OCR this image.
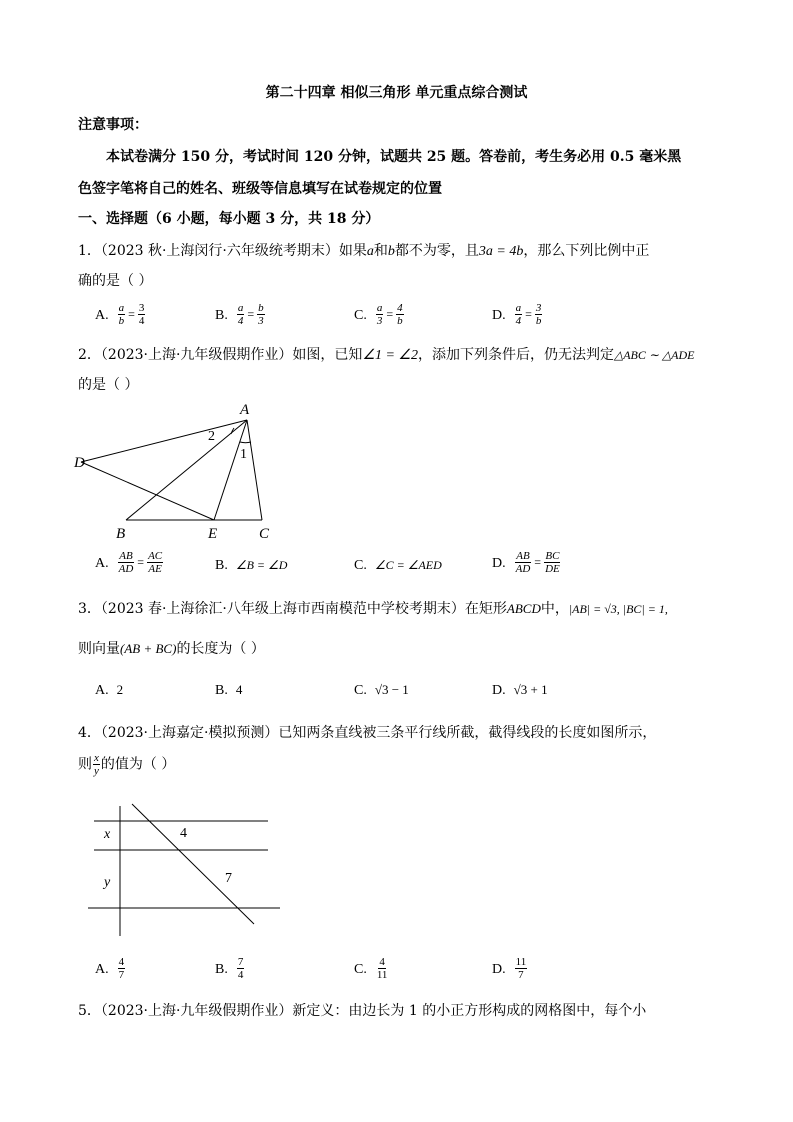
第二十四章 相似三角形 单元重点综合测试
注意事项：
本试卷满分 150 分，考试时间 120 分钟，试题共 25 题。答卷前，考生务必用 0.5 毫米黑
色签字笔将自己的姓名、班级等信息填写在试卷规定的位置
一、选择题（6 小题，每小题 3 分，共 18 分）
1．（2023 秋·上海闵行·六年级统考期末）如果a和b都不为零，且3a = 4b，那么下列比例中正
确的是（ ）
A. $\frac{a}{b} = \frac{3}{4}$	B. $\frac{a}{4} = \frac{b}{3}$	C. $\frac{a}{3} = \frac{4}{b}$	D. $\frac{a}{4} = \frac{3}{b}$
2．（2023·上海·九年级假期作业）如图，已知∠1 = ∠2，添加下列条件后，仍无法判定△ABC ∼ △ADE
的是（ ）
A
2
1
D
B	E	C
A. $\frac{AB}{AD} = \frac{AC}{AE}$	B. ∠B = ∠D	C. ∠C = ∠AED	D. $\frac{AB}{AD} = \frac{BC}{DE}$
3．（2023 春·上海徐汇·八年级上海市西南模范中学校考期末）在矩形ABCD中，|AB| = √3, |BC| = 1,
则向量(AB + BC)的长度为（ ）
A. 2	B. 4	C. √3 − 1	D. √3 + 1
4．（2023·上海嘉定·模拟预测）已知两条直线被三条平行线所截，截得线段的长度如图所示，
则 $\frac{x}{y}$ 的值为（ ）
x	4
y	7
A. $\frac{4}{7}$	B. $\frac{7}{4}$	C. $\frac{4}{11}$	D. $\frac{11}{7}$
5．（2023·上海·九年级假期作业）新定义：由边长为 1 的小正方形构成的网格图中，每个小
